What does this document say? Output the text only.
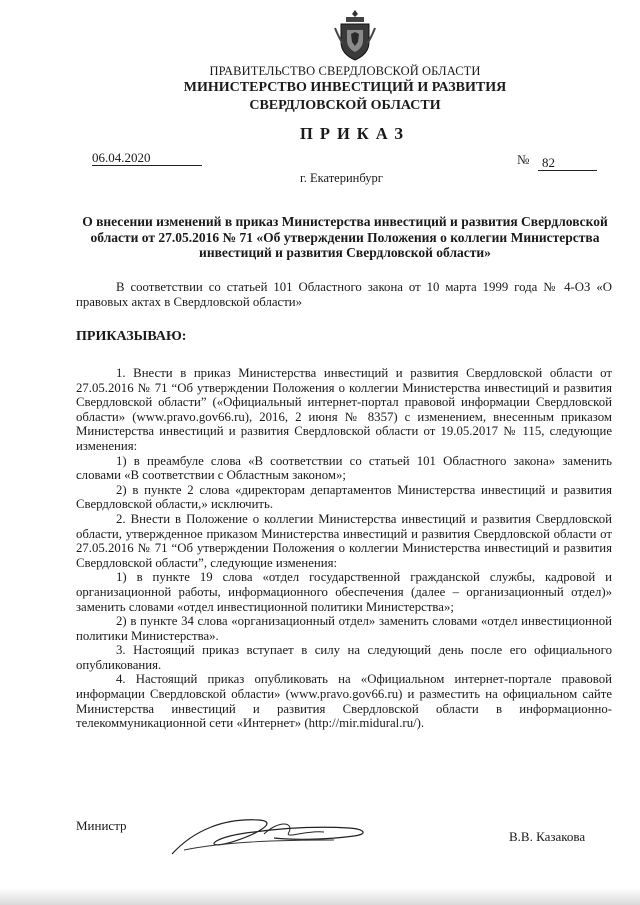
ПРАВИТЕЛЬСТВО СВЕРДЛОВСКОЙ ОБЛАСТИ
МИНИСТЕРСТВО ИНВЕСТИЦИЙ И РАЗВИТИЯ
СВЕРДЛОВСКОЙ ОБЛАСТИ
ПРИКАЗ
06.04.2020	№ 82
г. Екатеринбург
О внесении изменений в приказ Министерства инвестиций и развития Свердловской области от 27.05.2016 № 71 «Об утверждении Положения о коллегии Министерства инвестиций и развития Свердловской области»
В соответствии со статьей 101 Областного закона от 10 марта 1999 года № 4-ОЗ «О правовых актах в Свердловской области»
ПРИКАЗЫВАЮ:

1. Внести в приказ Министерства инвестиций и развития Свердловской области от 27.05.2016 № 71 “Об утверждении Положения о коллегии Министерства инвестиций и развития Свердловской области” («Официальный интернет-портал правовой информации Свердловской области» (www.pravo.gov66.ru), 2016, 2 июня № 8357) с изменением, внесенным приказом Министерства инвестиций и развития Свердловской области от 19.05.2017 № 115, следующие изменения:

1) в преамбуле слова «В соответствии со статьей 101 Областного закона» заменить словами «В соответствии с Областным законом»;

2) в пункте 2 слова «директорам департаментов Министерства инвестиций и развития Свердловской области,» исключить.

2. Внести в Положение о коллегии Министерства инвестиций и развития Свердловской области, утвержденное приказом Министерства инвестиций и развития Свердловской области от 27.05.2016 № 71 “Об утверждении Положения о коллегии Министерства инвестиций и развития Свердловской области”, следующие изменения:

1) в пункте 19 слова «отдел государственной гражданской службы, кадровой и организационной работы, информационного обеспечения (далее – организационный отдел)» заменить словами «отдел инвестиционной политики Министерства»;

2) в пункте 34 слова «организационный отдел» заменить словами «отдел инвестиционной политики Министерства».

3. Настоящий приказ вступает в силу на следующий день после его официального опубликования.

4. Настоящий приказ опубликовать на «Официальном интернет-портале правовой информации Свердловской области» (www.pravo.gov66.ru) и разместить на официальном сайте Министерства инвестиций и развития Свердловской области в информационно-телекоммуникационной сети «Интернет» (http://mir.midural.ru/).

Министр
В.В. Казакова
